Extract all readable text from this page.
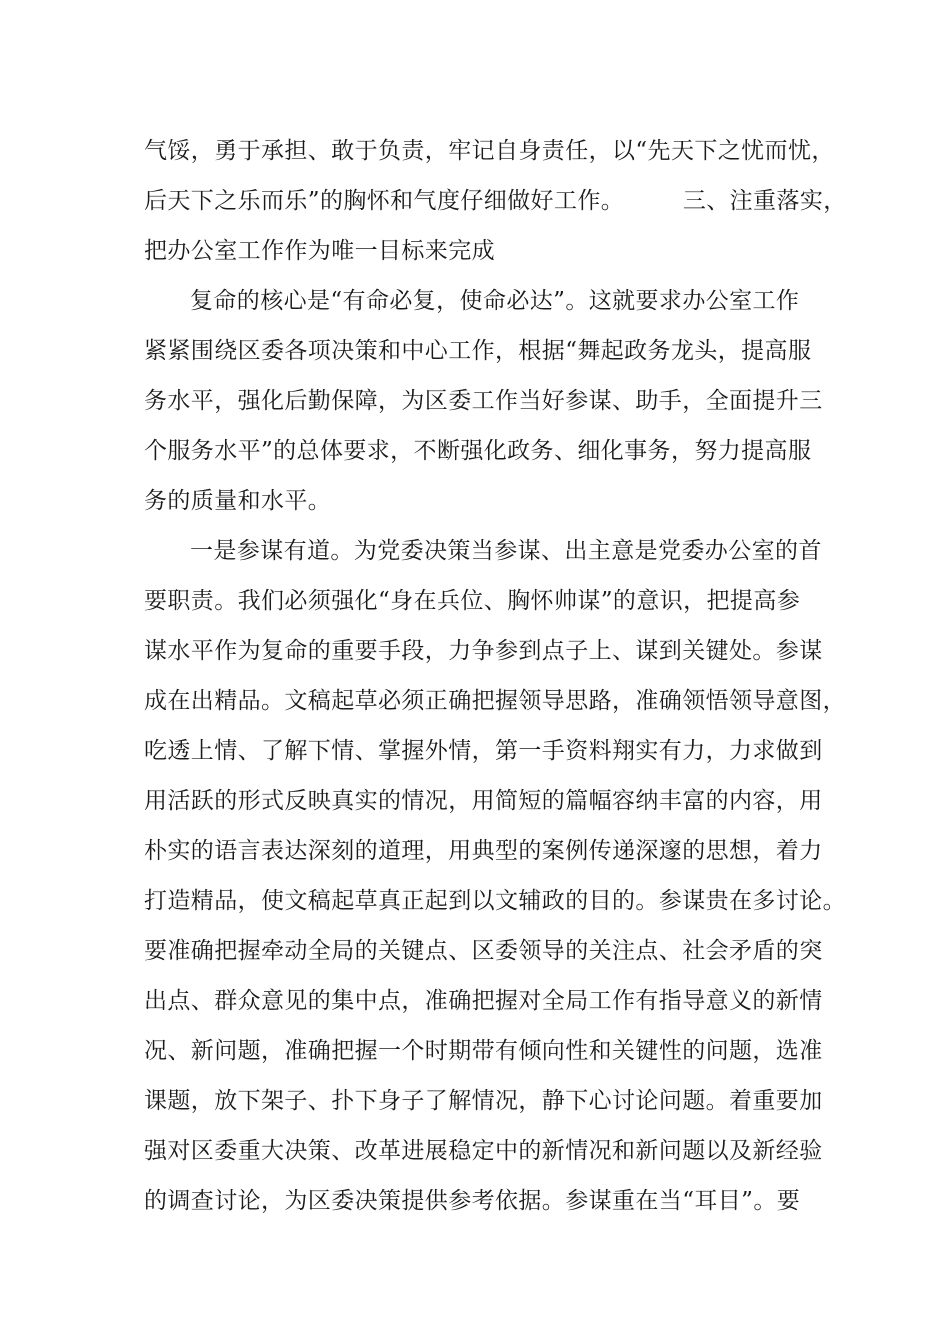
气馁，勇于承担、敢于负责，牢记自身责任，以“先天下之忧而忧，
后天下之乐而乐”的胸怀和气度仔细做好工作。　　　三、注重落实，
把办公室工作作为唯一目标来完成
复命的核心是“有命必复，使命必达”。这就要求办公室工作
紧紧围绕区委各项决策和中心工作，根据“舞起政务龙头，提高服
务水平，强化后勤保障，为区委工作当好参谋、助手，全面提升三
个服务水平”的总体要求，不断强化政务、细化事务，努力提高服
务的质量和水平。
一是参谋有道。为党委决策当参谋、出主意是党委办公室的首
要职责。我们必须强化“身在兵位、胸怀帅谋”的意识，把提高参
谋水平作为复命的重要手段，力争参到点子上、谋到关键处。参谋
成在出精品。文稿起草必须正确把握领导思路，准确领悟领导意图，
吃透上情、了解下情、掌握外情，第一手资料翔实有力，力求做到
用活跃的形式反映真实的情况，用简短的篇幅容纳丰富的内容，用
朴实的语言表达深刻的道理，用典型的案例传递深邃的思想，着力
打造精品，使文稿起草真正起到以文辅政的目的。参谋贵在多讨论。
要准确把握牵动全局的关键点、区委领导的关注点、社会矛盾的突
出点、群众意见的集中点，准确把握对全局工作有指导意义的新情
况、新问题，准确把握一个时期带有倾向性和关键性的问题，选准
课题，放下架子、扑下身子了解情况，静下心讨论问题。着重要加
强对区委重大决策、改革进展稳定中的新情况和新问题以及新经验
的调查讨论，为区委决策提供参考依据。参谋重在当“耳目”。要
